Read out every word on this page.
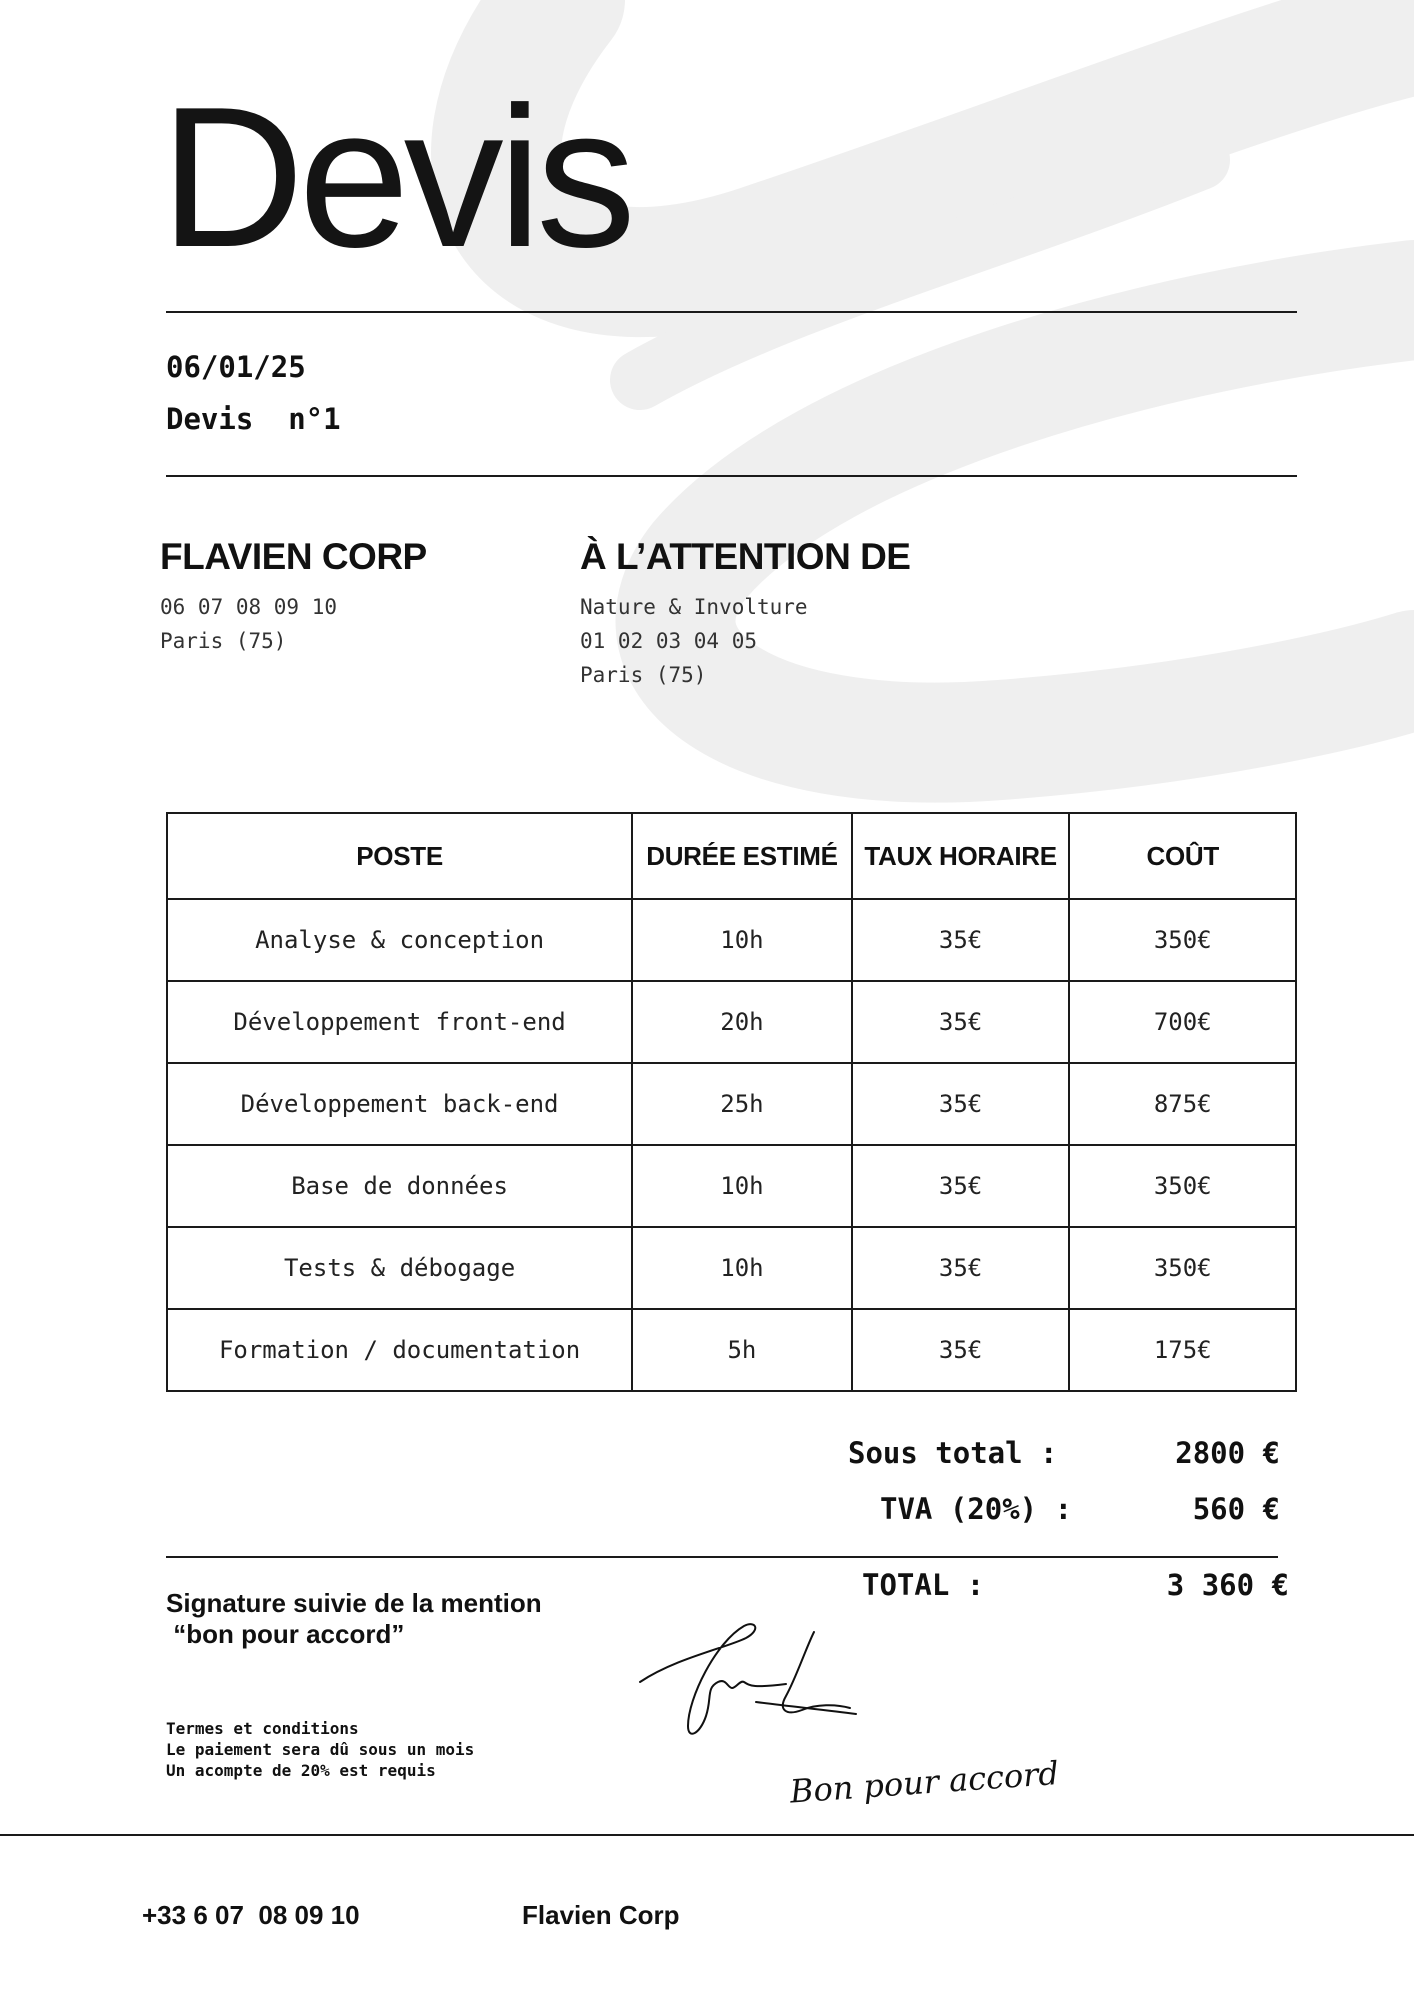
Devis
06/01/25
Devis  n°1
FLAVIEN CORP
06 07 08 09 10
Paris (75)
À L’ATTENTION DE
Nature & Involture
01 02 03 04 05
Paris (75)
POSTE	DURÉE ESTIMÉ	TAUX HORAIRE	COÛT
Analyse & conception	10h	35€	350€
Développement front-end	20h	35€	700€
Développement back-end	25h	35€	875€
Base de données	10h	35€	350€
Tests & débogage	10h	35€	350€
Formation / documentation	5h	35€	175€
Sous total :	2800 €
TVA (20%) :	560 €
TOTAL :	3 360 €
Signature suivie de la mention
“bon pour accord”
Bon pour accord
Termes et conditions
Le paiement sera dû sous un mois
Un acompte de 20% est requis
+33 6 07  08 09 10	Flavien Corp
